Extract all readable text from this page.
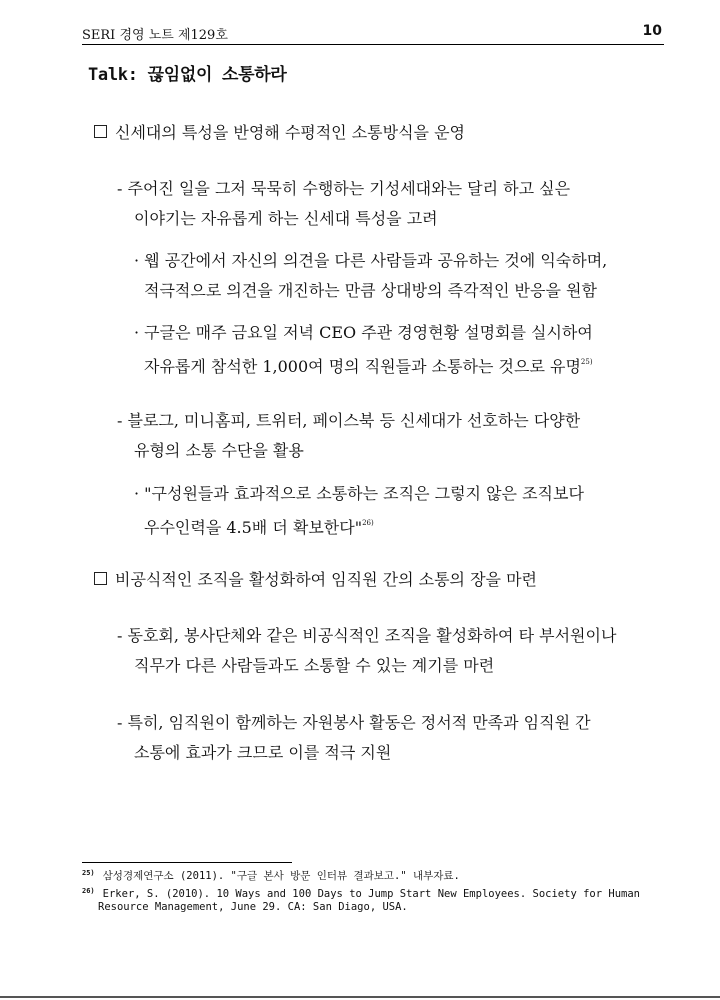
SERI 경영 노트 제129호	10
Talk: 끊임없이 소통하라
신세대의 특성을 반영해 수평적인 소통방식을 운영
- 주어진 일을 그저 묵묵히 수행하는 기성세대와는 달리 하고 싶은
이야기는 자유롭게 하는 신세대 특성을 고려
· 웹 공간에서 자신의 의견을 다른 사람들과 공유하는 것에 익숙하며,
적극적으로 의견을 개진하는 만큼 상대방의 즉각적인 반응을 원함
· 구글은 매주 금요일 저녁 CEO 주관 경영현황 설명회를 실시하여
자유롭게 참석한 1,000여 명의 직원들과 소통하는 것으로 유명$^{25)}$
- 블로그, 미니홈피, 트위터, 페이스북 등 신세대가 선호하는 다양한
유형의 소통 수단을 활용
· "구성원들과 효과적으로 소통하는 조직은 그렇지 않은 조직보다
우수인력을 4.5배 더 확보한다"$^{26)}$
비공식적인 조직을 활성화하여 임직원 간의 소통의 장을 마련
- 동호회, 봉사단체와 같은 비공식적인 조직을 활성화하여 타 부서원이나
직무가 다른 사람들과도 소통할 수 있는 계기를 마련
- 특히, 임직원이 함께하는 자원봉사 활동은 정서적 만족과 임직원 간
소통에 효과가 크므로 이를 적극 지원
$^{25)}$ 삼성경제연구소 (2011). "구글 본사 방문 인터뷰 결과보고." 내부자료.
$^{26)}$ Erker, S. (2010). 10 Ways and 100 Days to Jump Start New Employees. Society for Human
Resource Management, June 29. CA: San Diago, USA.
